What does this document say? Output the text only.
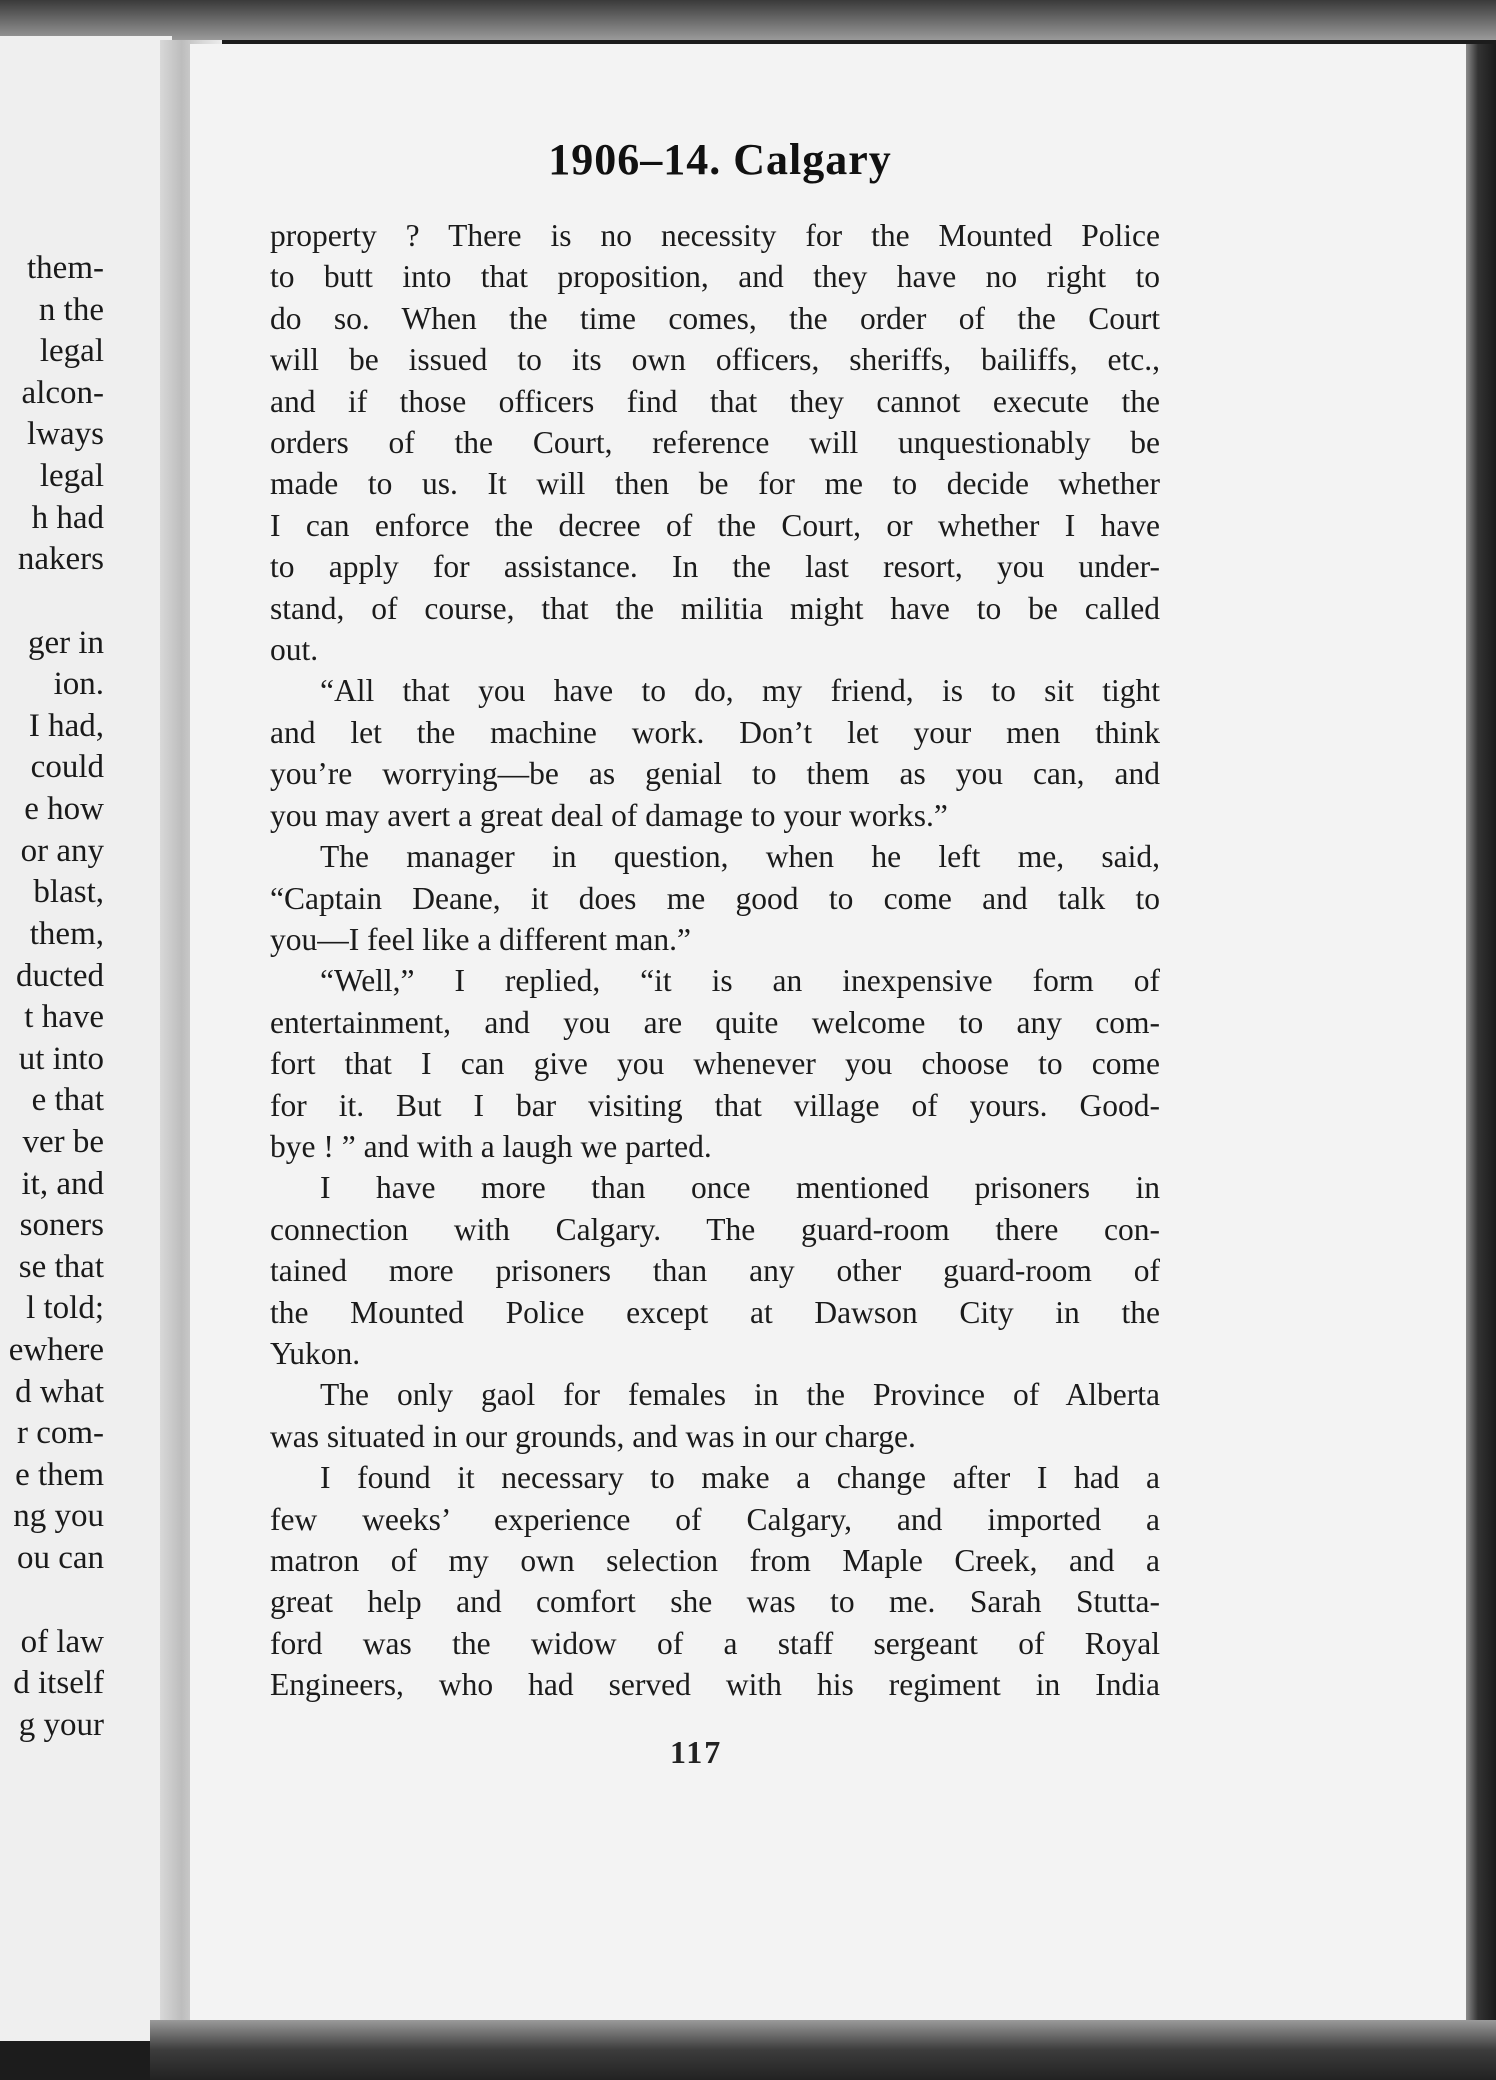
them-
n the
legal
alcon-
lways
legal
h had
nakers
ger in
ion.
I had,
could
e how
or any
blast,
them,
ducted
t have
ut into
e that
ver be
it, and
soners
se that
l told;
ewhere
d what
r com-
e them
ng you
ou can
of law
d itself
g your
1906–14. Calgary
property ? There is no necessity for the Mounted Police
to butt into that proposition, and they have no right to
do so. When the time comes, the order of the Court
will be issued to its own officers, sheriffs, bailiffs, etc.,
and if those officers find that they cannot execute the
orders of the Court, reference will unquestionably be
made to us. It will then be for me to decide whether
I can enforce the decree of the Court, or whether I have
to apply for assistance. In the last resort, you under-
stand, of course, that the militia might have to be called
out.
“All that you have to do, my friend, is to sit tight
and let the machine work. Don’t let your men think
you’re worrying—be as genial to them as you can, and
you may avert a great deal of damage to your works.”
The manager in question, when he left me, said,
“Captain Deane, it does me good to come and talk to
you—I feel like a different man.”
“Well,” I replied, “it is an inexpensive form of
entertainment, and you are quite welcome to any com-
fort that I can give you whenever you choose to come
for it. But I bar visiting that village of yours. Good-
bye ! ” and with a laugh we parted.
I have more than once mentioned prisoners in
connection with Calgary. The guard-room there con-
tained more prisoners than any other guard-room of
the Mounted Police except at Dawson City in the
Yukon.
The only gaol for females in the Province of Alberta
was situated in our grounds, and was in our charge.
I found it necessary to make a change after I had a
few weeks’ experience of Calgary, and imported a
matron of my own selection from Maple Creek, and a
great help and comfort she was to me. Sarah Stutta-
ford was the widow of a staff sergeant of Royal
Engineers, who had served with his regiment in India
117
